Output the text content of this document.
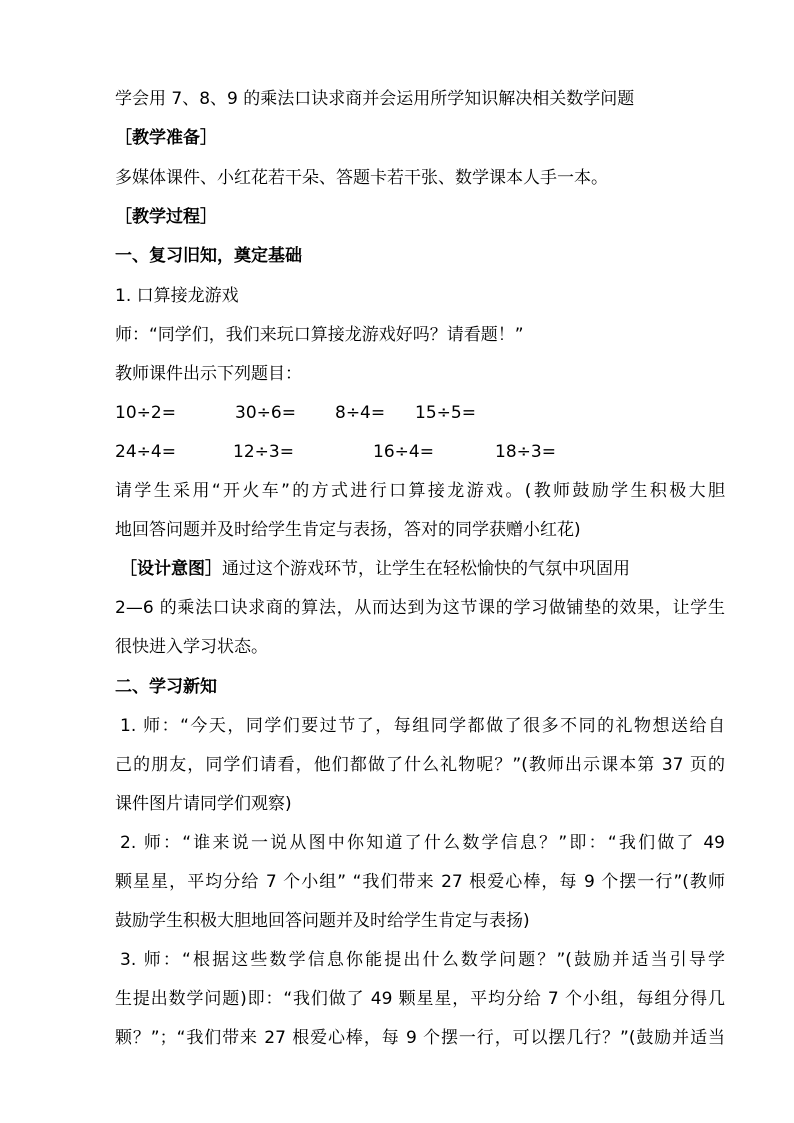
学会用 7、8、9 的乘法口诀求商并会运用所学知识解决相关数学问题
［教学准备］
多媒体课件、小红花若干朵、答题卡若干张、数学课本人手一本。
［教学过程］
一、复习旧知，奠定基础
1. 口算接龙游戏
师：“同学们，我们来玩口算接龙游戏好吗？请看题！”
教师课件出示下列题目：
10÷2=	30÷6=	8÷4=	15÷5=
24÷4=	12÷3=	16÷4=	18÷3=
请学生采用“开火车”的方式进行口算接龙游戏。(教师鼓励学生积极大胆
地回答问题并及时给学生肯定与表扬，答对的同学获赠小红花)
［设计意图］通过这个游戏环节，让学生在轻松愉快的气氛中巩固用
2—6 的乘法口诀求商的算法，从而达到为这节课的学习做铺垫的效果，让学生
很快进入学习状态。
二、学习新知
1. 师：“今天，同学们要过节了，每组同学都做了很多不同的礼物想送给自
己的朋友，同学们请看，他们都做了什么礼物呢？”(教师出示课本第 37 页的
课件图片请同学们观察)
2. 师：“谁来说一说从图中你知道了什么数学信息？”即：“我们做了 49
颗星星，平均分给 7 个小组” “我们带来 27 根爱心棒，每 9 个摆一行”(教师
鼓励学生积极大胆地回答问题并及时给学生肯定与表扬)
3. 师：“根据这些数学信息你能提出什么数学问题？”(鼓励并适当引导学
生提出数学问题)即：“我们做了 49 颗星星，平均分给 7 个小组，每组分得几
颗？”；“我们带来 27 根爱心棒，每 9 个摆一行，可以摆几行？”(鼓励并适当
